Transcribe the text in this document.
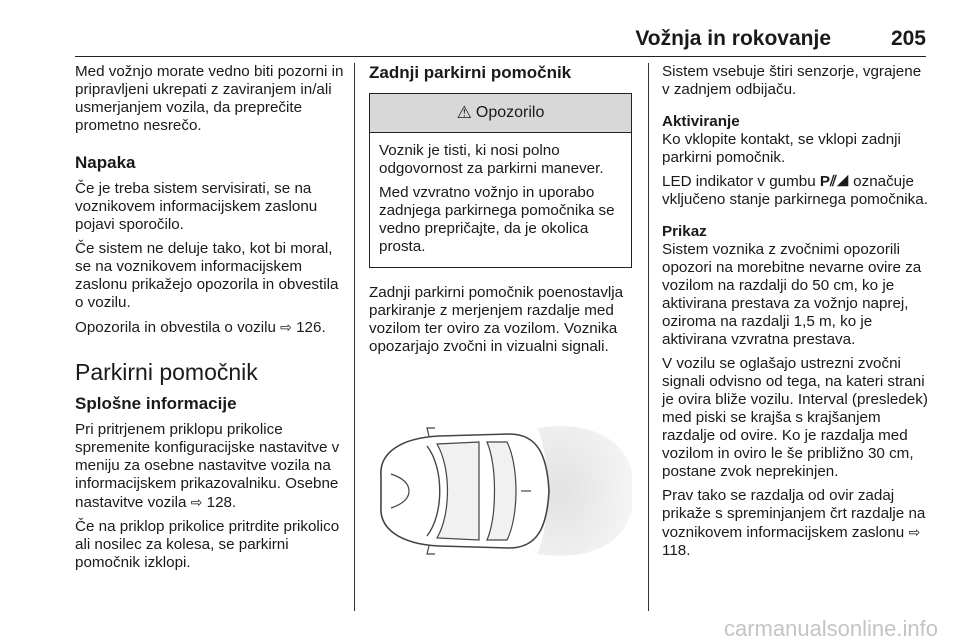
Vožnja in rokovanje	205

Med vožnjo morate vedno biti pozorni in pripravljeni ukrepati z zaviranjem in/ali usmerjanjem vozila, da preprečite prometno nesrečo.

Napaka

Če je treba sistem servisirati, se na voznikovem informacijskem zaslonu pojavi sporočilo.

Če sistem ne deluje tako, kot bi moral, se na voznikovem informacijskem zaslonu prikažejo opozorila in obvestila o vozilu.

Opozorila in obvestila o vozilu ⇨ 126.

Parkirni pomočnik
Splošne informacije

Pri pritrjenem priklopu prikolice spremenite konfiguracijske nastavitve v meniju za osebne nastavitve vozila na informacijskem prikazovalniku. Osebne nastavitve vozila ⇨ 128.

Če na priklop prikolice pritrdite prikolico ali nosilec za kolesa, se parkirni pomočnik izklopi.

Zadnji parkirni pomočnik
⚠ Opozorilo

Voznik je tisti, ki nosi polno odgovornost za parkirni manever.

Med vzvratno vožnjo in uporabo zadnjega parkirnega pomočnika se vedno prepričajte, da je okolica prosta.

Zadnji parkirni pomočnik poenostavlja parkiranje z merjenjem razdalje med vozilom ter oviro za vozilom. Voznika opozarjajo zvočni in vizualni signali.

Sistem vsebuje štiri senzorje, vgrajene v zadnjem odbijaču.

Aktiviranje

Ko vklopite kontakt, se vklopi zadnji parkirni pomočnik.

LED indikator v gumbu P⫽◢ označuje vključeno stanje parkirnega pomočnika.

Prikaz

Sistem voznika z zvočnimi opozorili opozori na morebitne nevarne ovire za vozilom na razdalji do 50 cm, ko je aktivirana prestava za vožnjo naprej, oziroma na razdalji 1,5 m, ko je aktivirana vzvratna prestava.

V vozilu se oglašajo ustrezni zvočni signali odvisno od tega, na kateri strani je ovira bliže vozilu. Interval (presledek) med piski se krajša s krajšanjem razdalje od ovire. Ko je razdalja med vozilom in oviro le še približno 30 cm, postane zvok neprekinjen.

Prav tako se razdalja od ovir zadaj prikaže s spreminjanjem črt razdalje na voznikovem informacijskem zaslonu ⇨ 118.

carmanualsonline.info
